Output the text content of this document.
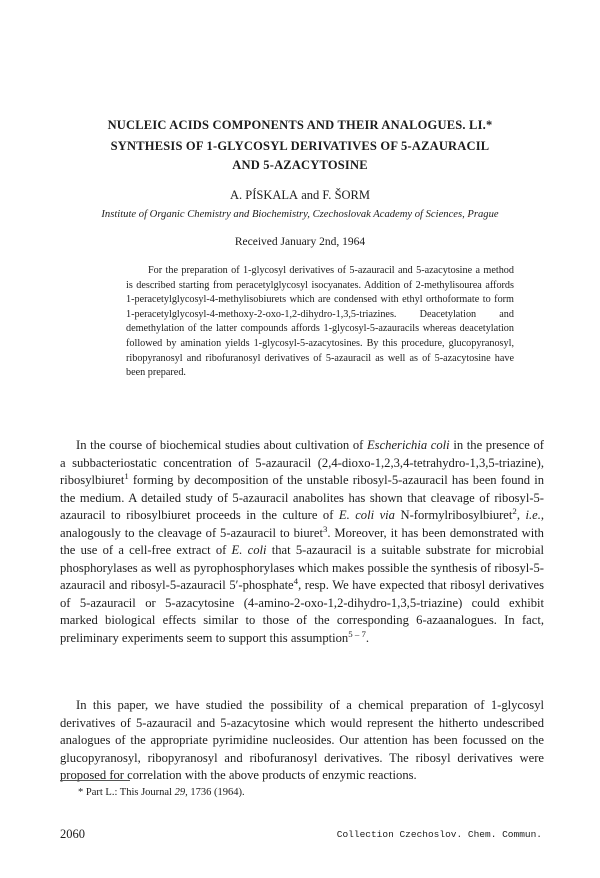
NUCLEIC ACIDS COMPONENTS AND THEIR ANALOGUES. LI.*
SYNTHESIS OF 1-GLYCOSYL DERIVATIVES OF 5-AZAURACIL
AND 5-AZACYTOSINE

A. PÍSKALA and F. ŠORM

Institute of Organic Chemistry and Biochemistry, Czechoslovak Academy of Sciences, Prague

Received January 2nd, 1964

For the preparation of 1-glycosyl derivatives of 5-azauracil and 5-azacytosine a method is described starting from peracetylglycosyl isocyanates. Addition of 2-methylisourea affords 1-peracetylglycosyl-4-methylisobiurets which are condensed with ethyl orthoformate to form 1-peracetylglycosyl-4-methoxy-2-oxo-1,2-dihydro-1,3,5-triazines. Deacetylation and demethylation of the latter compounds affords 1-glycosyl-5-azauracils whereas deacetylation followed by amination yields 1-glycosyl-5-azacytosines. By this procedure, glucopyranosyl, ribopyranosyl and ribofuranosyl derivatives of 5-azauracil as well as of 5-azacytosine have been prepared.

In the course of biochemical studies about cultivation of Escherichia coli in the presence of a subbacteriostatic concentration of 5-azauracil (2,4-dioxo-1,2,3,4-tetrahydro-1,3,5-triazine), ribosylbiuret$^1$ forming by decomposition of the unstable ribosyl-5-azauracil has been found in the medium. A detailed study of 5-azauracil anabolites has shown that cleavage of ribosyl-5-azauracil to ribosylbiuret proceeds in the culture of E. coli via N-formylribosylbiuret$^2$, i.e., analogously to the cleavage of 5-azauracil to biuret$^3$. Moreover, it has been demonstrated with the use of a cell-free extract of E. coli that 5-azauracil is a suitable substrate for microbial phosphorylases as well as pyrophosphorylases which makes possible the synthesis of ribosyl-5-azauracil and ribosyl-5-azauracil 5′-phosphate$^4$, resp. We have expected that ribosyl derivatives of 5-azauracil or 5-azacytosine (4-amino-2-oxo-1,2-dihydro-1,3,5-triazine) could exhibit marked biological effects similar to those of the corresponding 6-azaanalogues. In fact, preliminary experiments seem to support this assumption$^{5 - 7}$.

In this paper, we have studied the possibility of a chemical preparation of 1-glycosyl derivatives of 5-azauracil and 5-azacytosine which would represent the hitherto undescribed analogues of the appropriate pyrimidine nucleosides. Our attention has been focussed on the glucopyranosyl, ribopyranosyl and ribofuranosyl derivatives. The ribosyl derivatives were proposed for correlation with the above products of enzymic reactions.

* Part L.: This Journal 29, 1736 (1964).

2060	Collection Czechoslov. Chem. Commun.
